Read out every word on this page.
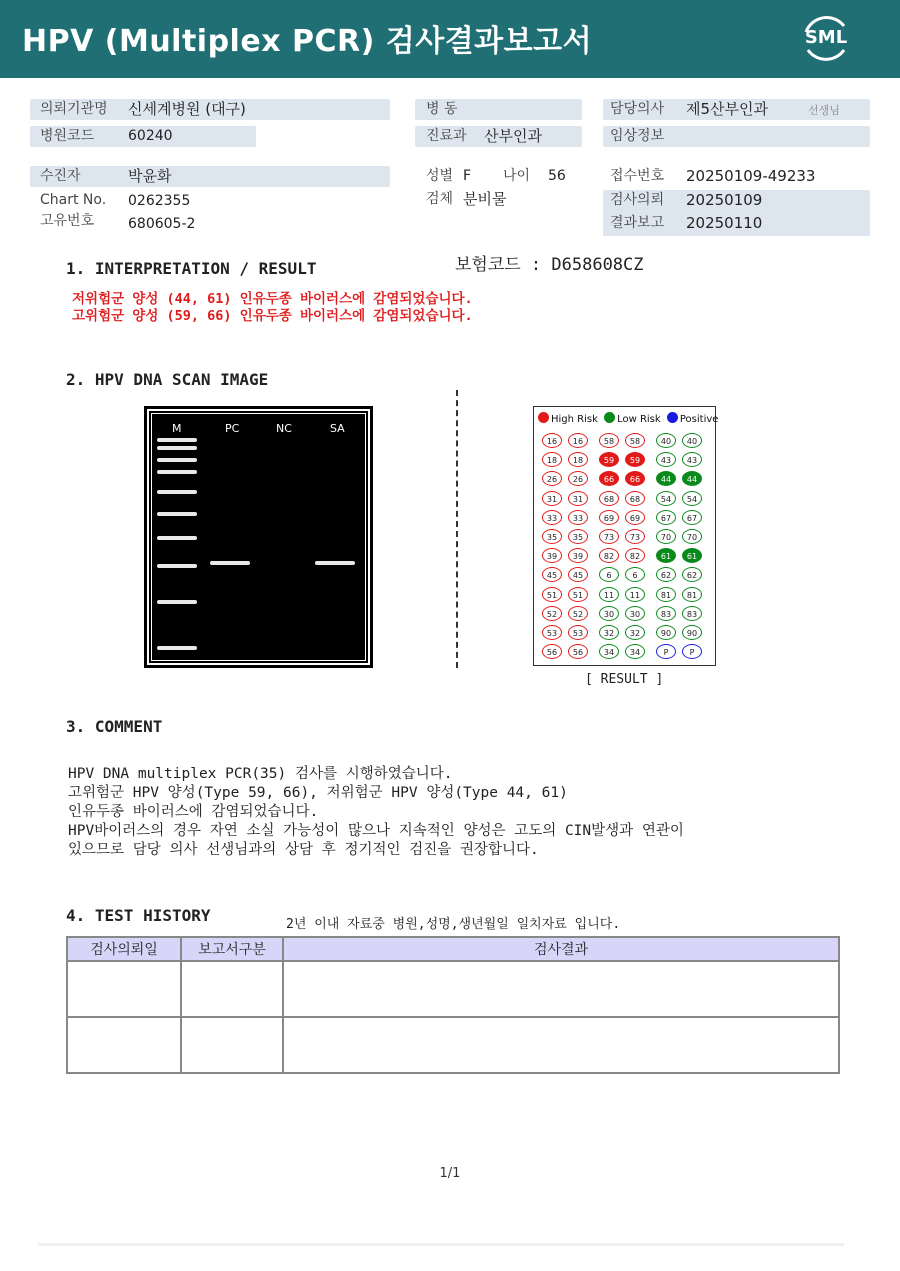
HPV (Multiplex PCR) 검사결과보고서	SML
의뢰기관명 신세계병원 (대구)
병원코드 60240
병 동
진료과 산부인과
담당의사 제5산부인과	선생님
임상정보
수진자	박윤화
Chart No. 0262355
고유번호 680605-2
성별 F 나이 56
검체 분비물
접수번호 20250109-49233
검사의뢰 20250109
결과보고 20250110
보험코드 : D658608CZ
1. INTERPRETATION / RESULT
저위험군 양성 (44, 61) 인유두종 바이러스에 감염되었습니다.
고위험군 양성 (59, 66) 인유두종 바이러스에 감염되었습니다.
2. HPV DNA SCAN IMAGE
M	PC	NC	SA
High Risk Low Risk Positive
16	16
18	18
26	26
31	31
33	33
35	35
39	39
45	45
51	51
52	52
53	53
56	56
58	58
59	59
66	66
68	68
69	69
73	73
82	82
6	6
11	11
30	30
32	32
34	34
40	40
43	43
44	44
54	54
67	67
70	70
61	61
62	62
81	81
83	83
90	90
P	P
[ RESULT ]
3. COMMENT
HPV DNA multiplex PCR(35) 검사를 시행하였습니다.
고위험군 HPV 양성(Type 59, 66), 저위험군 HPV 양성(Type 44, 61)
인유두종 바이러스에 감염되었습니다.
HPV바이러스의 경우 자연 소실 가능성이 많으나 지속적인 양성은 고도의 CIN발생과 연관이
있으므로 담당 의사 선생님과의 상담 후 정기적인 검진을 권장합니다.
4. TEST HISTORY	2년 이내 자료중 병원,성명,생년월일 일치자료 입니다.
검사의뢰일	보고서구분	검사결과

1/1
